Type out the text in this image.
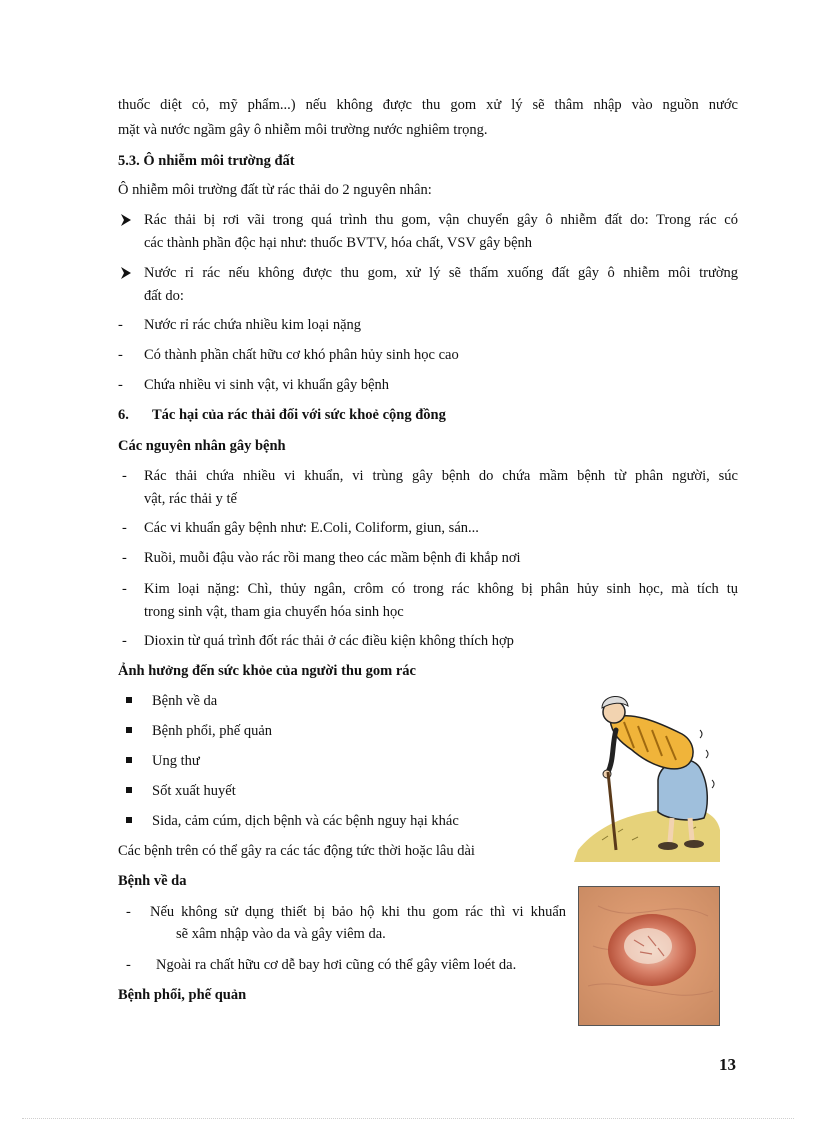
thuốc diệt cỏ, mỹ phẩm...) nếu không được thu gom xử lý sẽ thâm nhập vào nguồn nước
mặt và nước ngầm gây ô nhiễm môi trường nước nghiêm trọng.
5.3. Ô nhiễm môi trường đất
Ô nhiễm môi trường đất từ rác thải do 2 nguyên nhân:
Rác thải bị rơi vãi trong quá trình thu gom, vận chuyển gây ô nhiễm đất do: Trong rác có
các thành phần độc hại như: thuốc BVTV, hóa chất, VSV gây bệnh
Nước rỉ rác nếu không được thu gom, xử lý sẽ thấm xuống đất gây ô nhiễm môi trường
đất do:
- Nước rỉ rác chứa nhiều kim loại nặng
- Có thành phần chất hữu cơ khó phân hủy sinh học cao
- Chứa nhiều vi sinh vật, vi khuẩn gây bệnh
6. Tác hại của rác thải đối với sức khoẻ cộng đồng
Các nguyên nhân gây bệnh
- Rác thải chứa nhiều vi khuẩn, vi trùng gây bệnh do chứa mầm bệnh từ phân người, súc
vật, rác thải y tế
- Các vi khuẩn gây bệnh như: E.Coli, Coliform, giun, sán...
- Ruồi, muỗi đậu vào rác rồi mang theo các mầm bệnh đi khắp nơi
- Kim loại nặng: Chì, thủy ngân, crôm có trong rác không bị phân hủy sinh học, mà tích tụ
trong sinh vật, tham gia chuyển hóa sinh học
- Dioxin từ quá trình đốt rác thải ở các điều kiện không thích hợp
Ảnh hưởng đến sức khỏe của người thu gom rác
Bệnh về da
Bệnh phổi, phế quản
Ung thư
Sốt xuất huyết
Sida, cảm cúm, dịch bệnh và các bệnh nguy hại khác
Các bệnh trên có thể gây ra các tác động tức thời hoặc lâu dài
Bệnh về da
- Nếu không sử dụng thiết bị bảo hộ khi thu gom rác thì vi khuẩn
sẽ xâm nhập vào da và gây viêm da.
- Ngoài ra chất hữu cơ dễ bay hơi cũng có thể gây viêm loét da.
Bệnh phổi, phế quản
13
